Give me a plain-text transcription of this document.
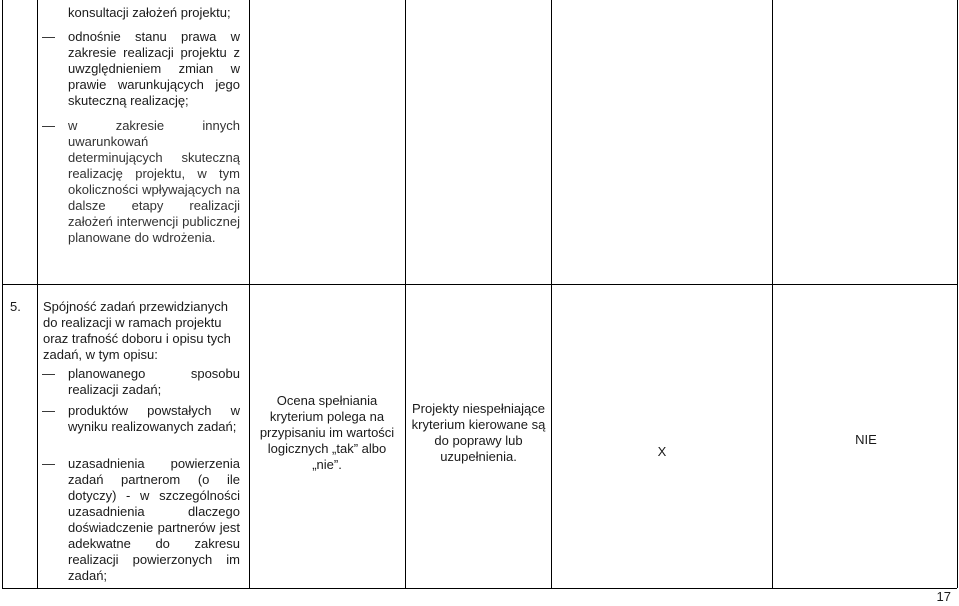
konsultacji założeń projektu;
— odnośnie stanu prawa w zakresie realizacji projektu z uwzględnieniem zmian w prawie warunkujących jego skuteczną realizację;
— w zakresie innych uwarunkowań determinujących skuteczną realizację projektu, w tym okoliczności wpływających na dalsze etapy realizacji założeń interwencji publicznej planowane do wdrożenia.
5. Spójność zadań przewidzianych do realizacji w ramach projektu oraz trafność doboru i opisu tych zadań, w tym opisu:
— planowanego sposobu realizacji zadań;
— produktów powstałych w wyniku realizowanych zadań;
— uzasadnienia powierzenia zadań partnerom (o ile dotyczy) - w szczególności uzasadnienia dlaczego doświadczenie partnerów jest adekwatne do zakresu realizacji powierzonych im zadań;
Ocena spełniania kryterium polega na przypisaniu im wartości logicznych „tak” albo „nie”.
Projekty niespełniające kryterium kierowane są do poprawy lub uzupełnienia.	X
NIE
17
